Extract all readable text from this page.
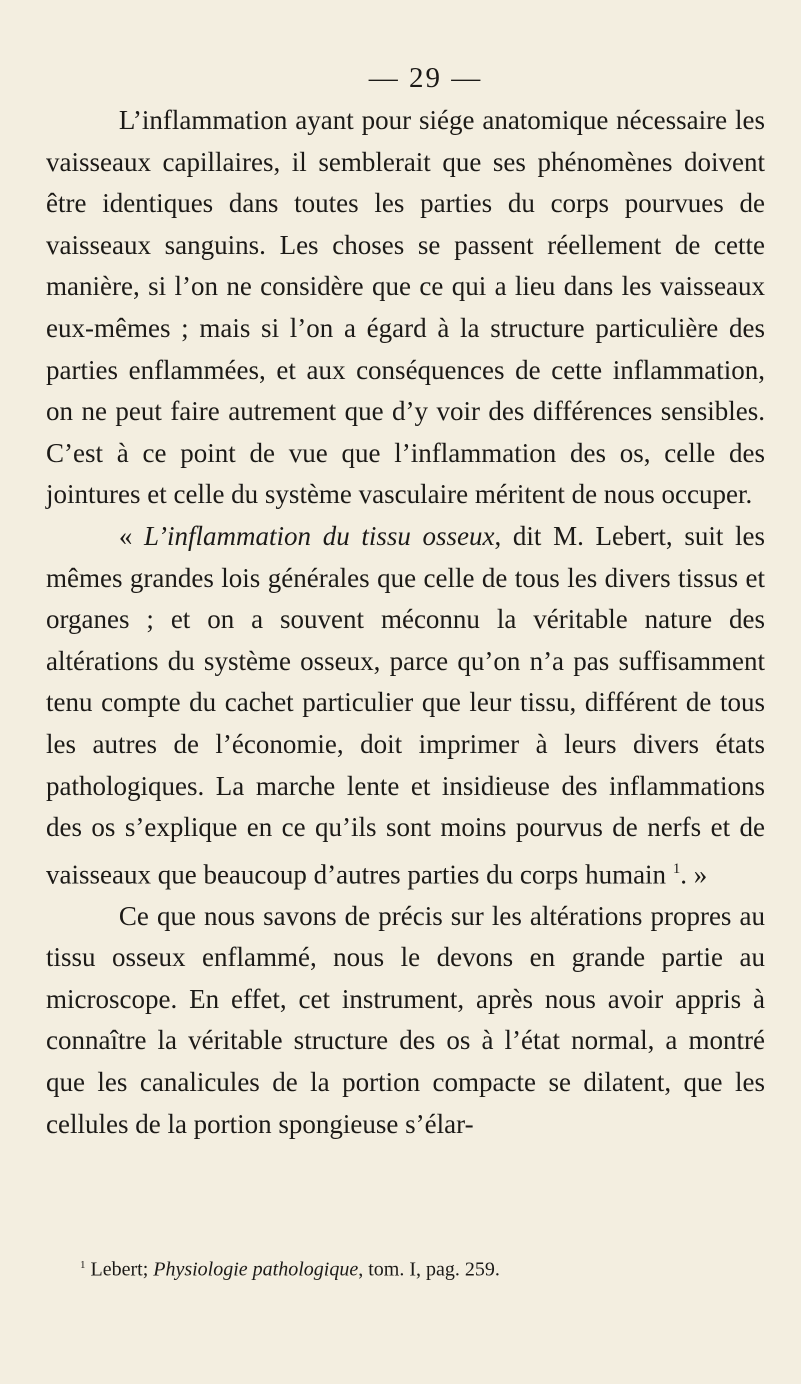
— 29 —

L’inflammation ayant pour siége anatomique nécessaire les vaisseaux capillaires, il semblerait que ses phénomènes doivent être identiques dans toutes les parties du corps pourvues de vaisseaux sanguins. Les choses se passent réellement de cette manière, si l’on ne considère que ce qui a lieu dans les vaisseaux eux-mêmes ; mais si l’on a égard à la structure particulière des parties enflammées, et aux conséquences de cette inflammation, on ne peut faire autrement que d’y voir des différences sensibles. C’est à ce point de vue que l’inflammation des os, celle des jointures et celle du système vasculaire méritent de nous occuper.

« L’inflammation du tissu osseux, dit M. Lebert, suit les mêmes grandes lois générales que celle de tous les divers tissus et organes ; et on a souvent méconnu la véritable nature des altérations du système osseux, parce qu’on n’a pas suffisamment tenu compte du cachet particulier que leur tissu, différent de tous les autres de l’économie, doit imprimer à leurs divers états pathologiques. La marche lente et insidieuse des inflammations des os s’explique en ce qu’ils sont moins pourvus de nerfs et de vaisseaux que beaucoup d’autres parties du corps humain $^1$. »

Ce que nous savons de précis sur les altérations propres au tissu osseux enflammé, nous le devons en grande partie au microscope. En effet, cet instrument, après nous avoir appris à connaître la véritable structure des os à l’état normal, a montré que les canalicules de la portion compacte se dilatent, que les cellules de la portion spongieuse s’élar-

$^1$ Lebert; Physiologie pathologique, tom. I, pag. 259.
